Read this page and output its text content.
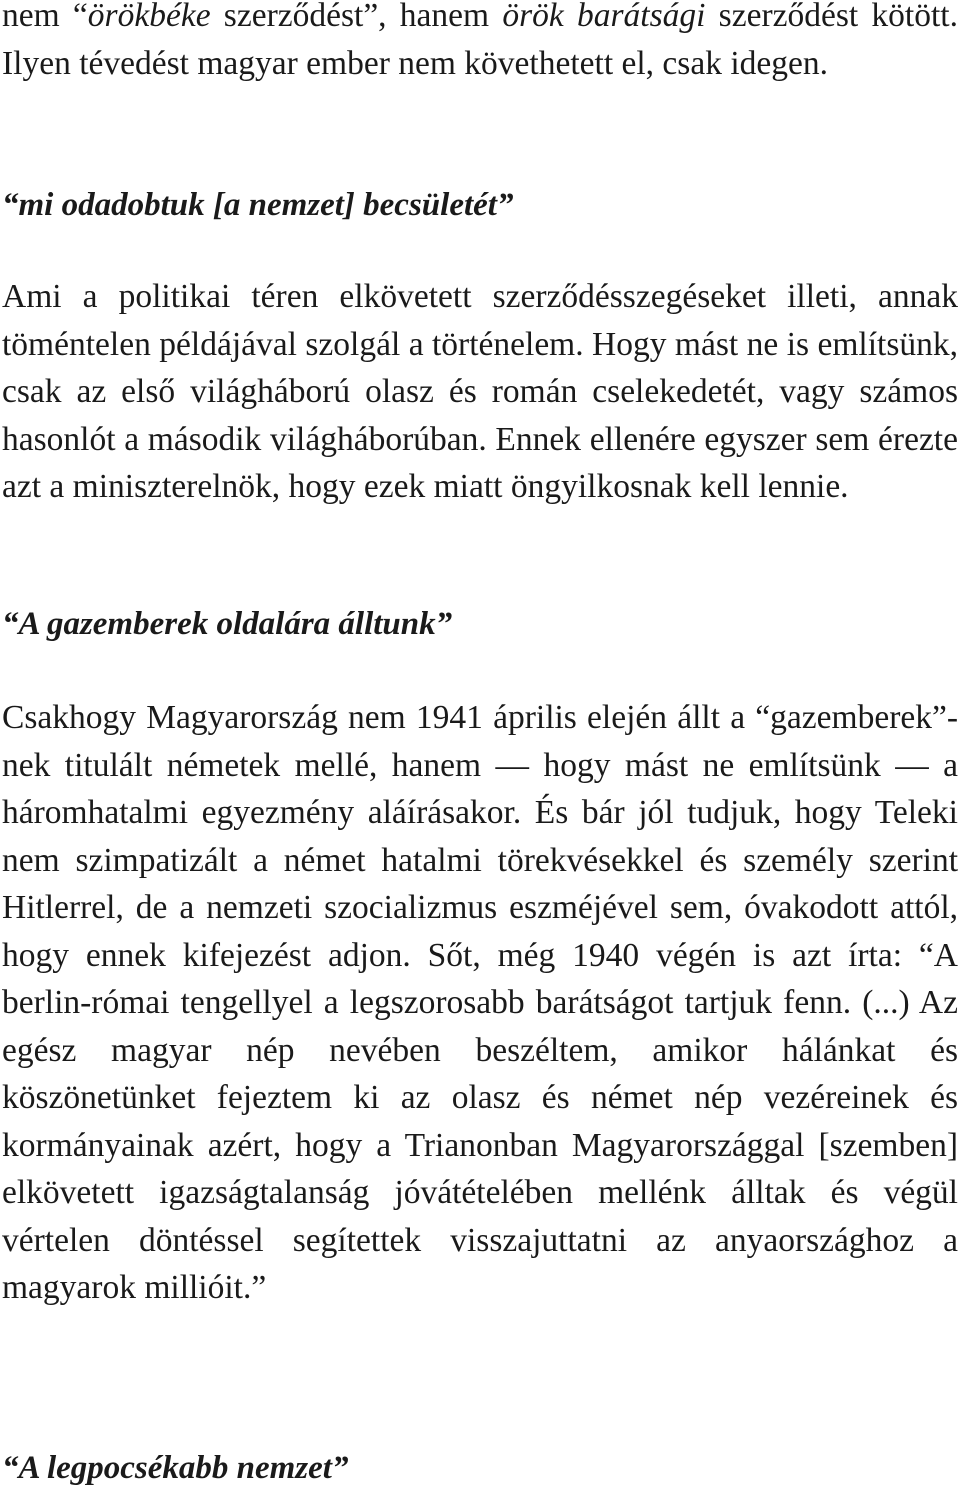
nem “örökbéke szerződést”, hanem örök barátsági szerződést kötött. Ilyen tévedést magyar ember nem követhetett el, csak idegen.

“mi odadobtuk [a nemzet] becsületét”

Ami a politikai téren elkövetett szerződésszegéseket illeti, annak töméntelen példájával szolgál a történelem. Hogy mást ne is említsünk, csak az első világháború olasz és román cselekedetét, vagy számos hasonlót a második világháborúban. Ennek ellenére egyszer sem érezte azt a miniszterelnök, hogy ezek miatt öngyilkosnak kell lennie.

“A gazemberek oldalára álltunk”

Csakhogy Magyarország nem 1941 április elején állt a “gazemberek”-nek titulált németek mellé, hanem — hogy mást ne említsünk — a háromhatalmi egyezmény aláírásakor. És bár jól tudjuk, hogy Teleki nem szimpatizált a német hatalmi törekvésekkel és személy szerint Hitlerrel, de a nemzeti szocializmus eszméjével sem, óvakodott attól, hogy ennek kifejezést adjon. Sőt, még 1940 végén is azt írta: “A berlin-római tengellyel a legszorosabb barátságot tartjuk fenn. (...) Az egész magyar nép nevében beszéltem, amikor hálánkat és köszönetünket fejeztem ki az olasz és német nép vezéreinek és kormányainak azért, hogy a Trianonban Magyarországgal [szemben] elkövetett igazságtalanság jóvátételében mellénk álltak és végül vértelen döntéssel segítettek visszajuttatni az anyaországhoz a magyarok millióit.”

“A legpocsékabb nemzet”
